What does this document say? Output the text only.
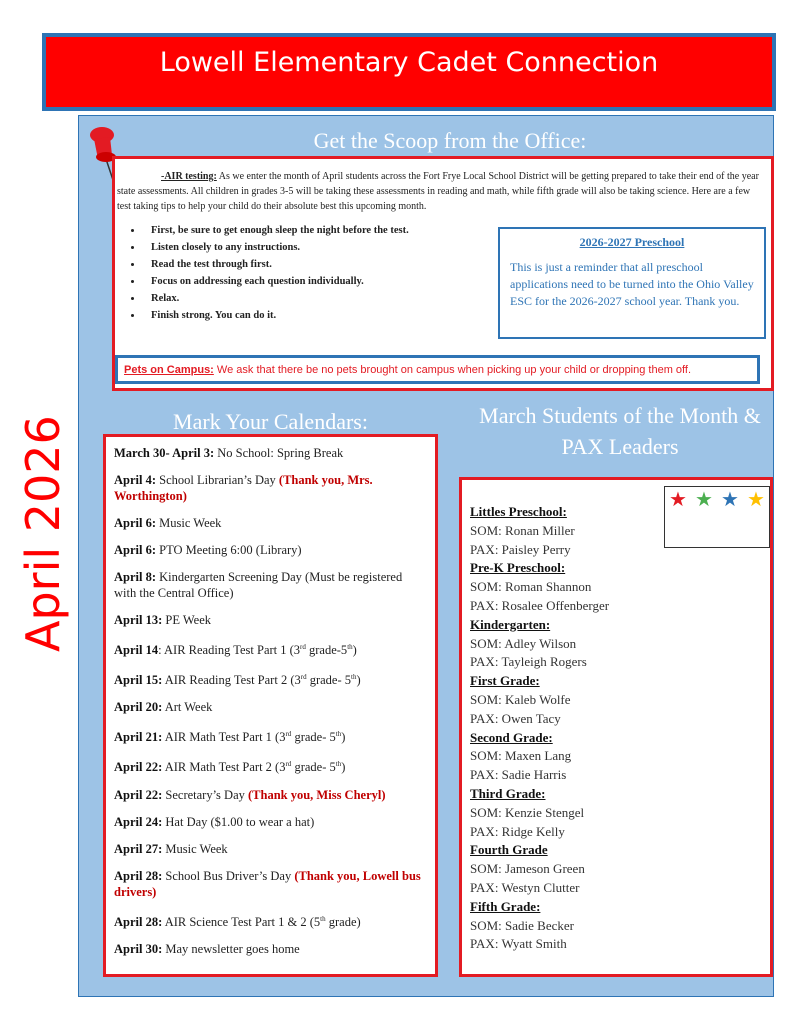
Lowell Elementary Cadet Connection
April 2026
Get the Scoop from the Office:

-AIR testing: As we enter the month of April students across the Fort Frye Local School District will be getting prepared to take their end of the year state assessments. All children in grades 3-5 will be taking these assessments in reading and math, while fifth grade will also be taking science. Here are a few test taking tips to help your child do their absolute best this upcoming month.

• First, be sure to get enough sleep the night before the test.
• Listen closely to any instructions.
• Read the test through first.
• Focus on addressing each question individually.
• Relax.
• Finish strong. You can do it.
2026-2027 Preschool
This is just a reminder that all preschool applications need to be turned into the Ohio Valley ESC for the 2026-2027 school year. Thank you.
Pets on Campus: We ask that there be no pets brought on campus when picking up your child or dropping them off.
Mark Your Calendars:
March 30- April 3: No School: Spring Break
April 4: School Librarian’s Day (Thank you, Mrs. Worthington)
April 6: Music Week
April 6: PTO Meeting 6:00 (Library)
April 8: Kindergarten Screening Day (Must be registered with the Central Office)
April 13: PE Week
April 14: AIR Reading Test Part 1 (3rd grade-5th)
April 15: AIR Reading Test Part 2 (3rd grade- 5th)
April 20: Art Week
April 21: AIR Math Test Part 1 (3rd grade- 5th)
April 22: AIR Math Test Part 2 (3rd grade- 5th)
April 22: Secretary’s Day (Thank you, Miss Cheryl)
April 24: Hat Day ($1.00 to wear a hat)
April 27: Music Week
April 28: School Bus Driver’s Day (Thank you, Lowell bus drivers)
April 28: AIR Science Test Part 1 & 2 (5th grade)
April 30: May newsletter goes home
March Students of the Month & PAX Leaders
★ ★ ★ ★
Littles Preschool:
SOM: Ronan Miller
PAX: Paisley Perry
Pre-K Preschool:
SOM: Roman Shannon
PAX: Rosalee Offenberger
Kindergarten:
SOM: Adley Wilson
PAX: Tayleigh Rogers
First Grade:
SOM: Kaleb Wolfe
PAX: Owen Tacy
Second Grade:
SOM: Maxen Lang
PAX: Sadie Harris
Third Grade:
SOM: Kenzie Stengel
PAX: Ridge Kelly
Fourth Grade
SOM: Jameson Green
PAX: Westyn Clutter
Fifth Grade:
SOM: Sadie Becker
PAX: Wyatt Smith
